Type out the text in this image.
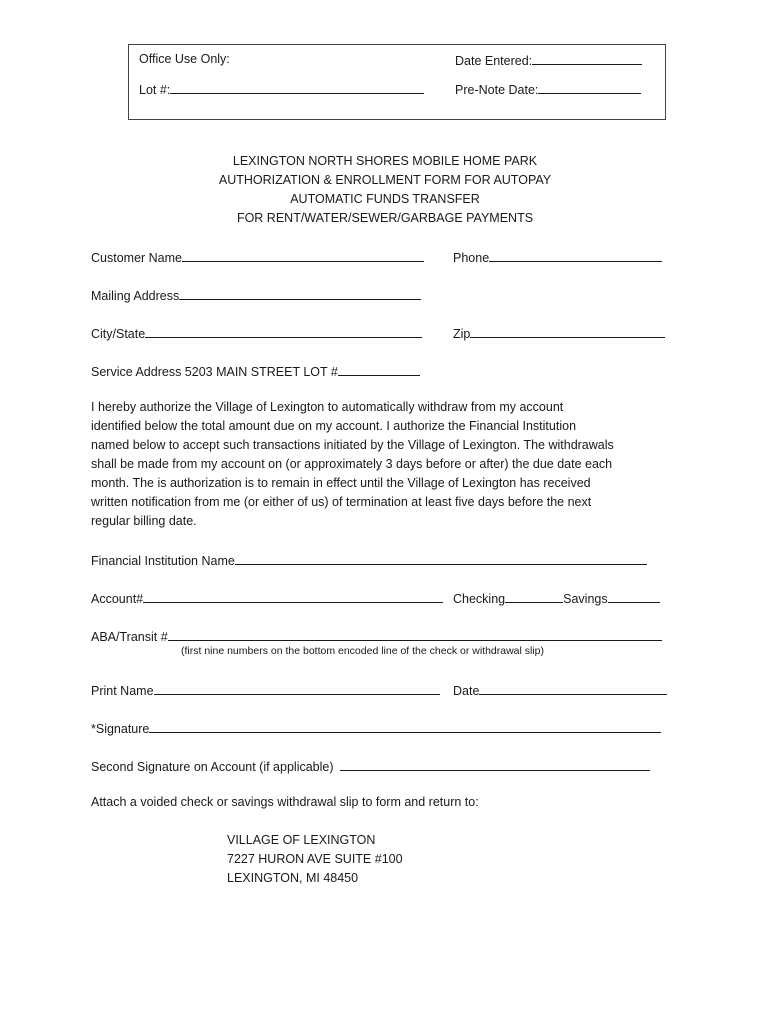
Office Use Only:	Date Entered:
Lot #:	Pre-Note Date:
LEXINGTON NORTH SHORES MOBILE HOME PARK
AUTHORIZATION & ENROLLMENT FORM FOR AUTOPAY
AUTOMATIC FUNDS TRANSFER
FOR RENT/WATER/SEWER/GARBAGE PAYMENTS
Customer Name	Phone
Mailing Address
City/State	Zip
Service Address 5203 MAIN STREET LOT #
I hereby authorize the Village of Lexington to automatically withdraw from my account
identified below the total amount due on my account. I authorize the Financial Institution
named below to accept such transactions initiated by the Village of Lexington. The withdrawals
shall be made from my account on (or approximately 3 days before or after) the due date each
month. The is authorization is to remain in effect until the Village of Lexington has received
written notification from me (or either of us) of termination at least five days before the next
regular billing date.
Financial Institution Name
Account#	Checking	Savings
ABA/Transit #
(first nine numbers on the bottom encoded line of the check or withdrawal slip)
Print Name	Date
*Signature
Second Signature on Account (if applicable)
Attach a voided check or savings withdrawal slip to form and return to:
VILLAGE OF LEXINGTON
7227 HURON AVE SUITE #100
LEXINGTON, MI 48450
